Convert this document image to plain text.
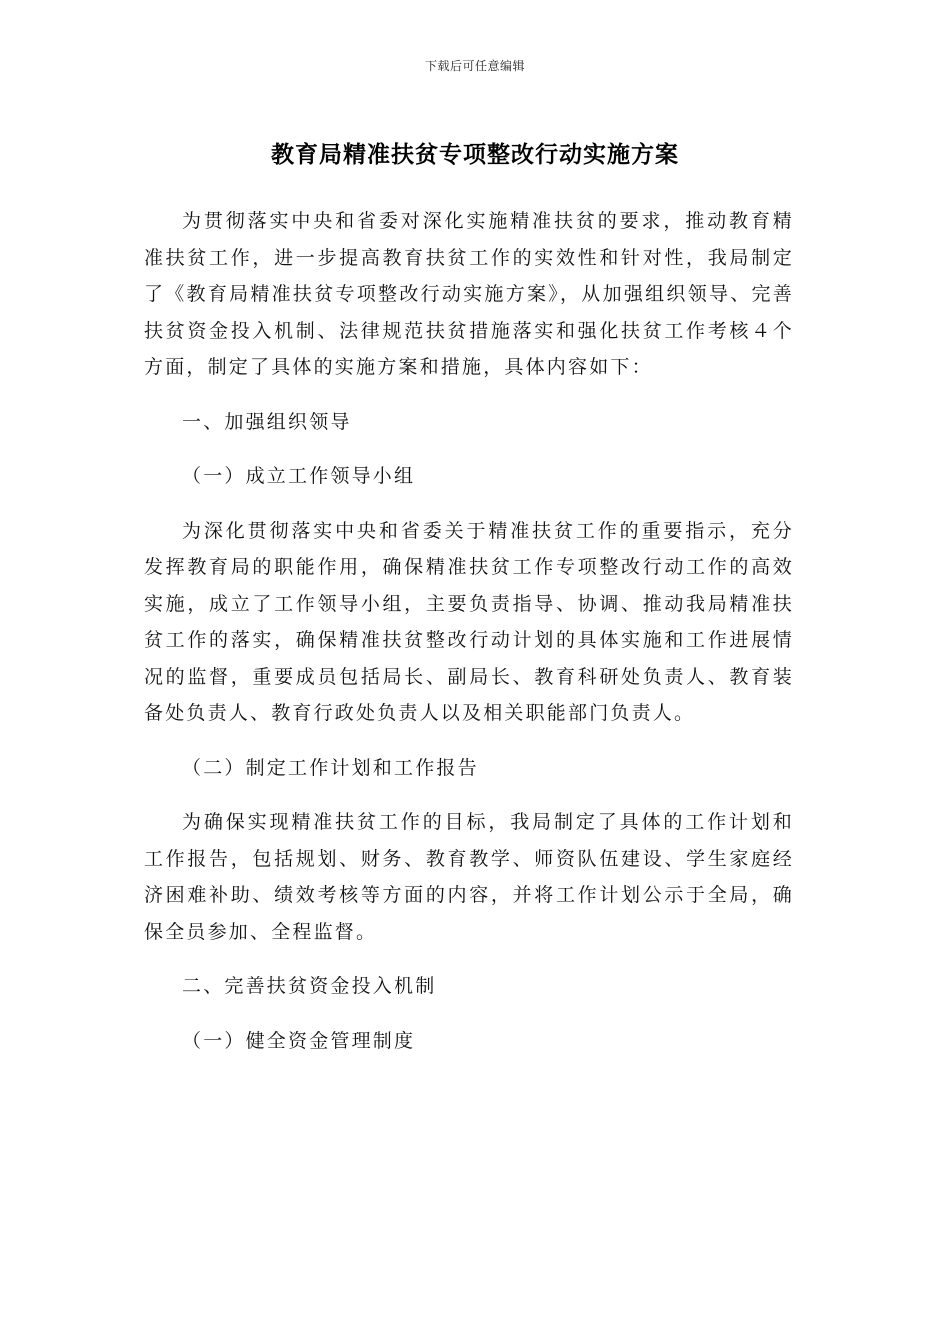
下载后可任意编辑
教育局精准扶贫专项整改行动实施方案

为贯彻落实中央和省委对深化实施精准扶贫的要求，推动教育精准扶贫工作，进一步提高教育扶贫工作的实效性和针对性，我局制定了《教育局精准扶贫专项整改行动实施方案》，从加强组织领导、完善扶贫资金投入机制、法律规范扶贫措施落实和强化扶贫工作考核４个方面，制定了具体的实施方案和措施，具体内容如下：

一、加强组织领导

（一）成立工作领导小组

为深化贯彻落实中央和省委关于精准扶贫工作的重要指示，充分发挥教育局的职能作用，确保精准扶贫工作专项整改行动工作的高效实施，成立了工作领导小组，主要负责指导、协调、推动我局精准扶贫工作的落实，确保精准扶贫整改行动计划的具体实施和工作进展情况的监督，重要成员包括局长、副局长、教育科研处负责人、教育装备处负责人、教育行政处负责人以及相关职能部门负责人。

（二）制定工作计划和工作报告

为确保实现精准扶贫工作的目标，我局制定了具体的工作计划和工作报告，包括规划、财务、教育教学、师资队伍建设、学生家庭经济困难补助、绩效考核等方面的内容，并将工作计划公示于全局，确保全员参加、全程监督。

二、完善扶贫资金投入机制

（一）健全资金管理制度
